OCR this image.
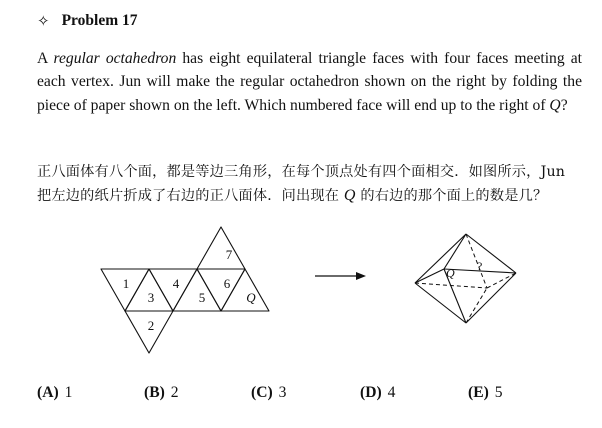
✧ Problem 17
A regular octahedron has eight equilateral triangle faces with four faces meeting at each vertex. Jun will make the regular octahedron shown on the right by folding the piece of paper shown on the left. Which numbered face will end up to the right of Q?
正八面体有八个面，都是等边三角形，在每个顶点处有四个面相交．如图所示，Jun 把左边的纸片折成了右边的正八面体．问出现在 Q 的右边的那个面上的数是几？
1
3
4
5
6
Q
7
2
Q ?
(A) 1	(B) 2	(C) 3	(D) 4	(E) 5
